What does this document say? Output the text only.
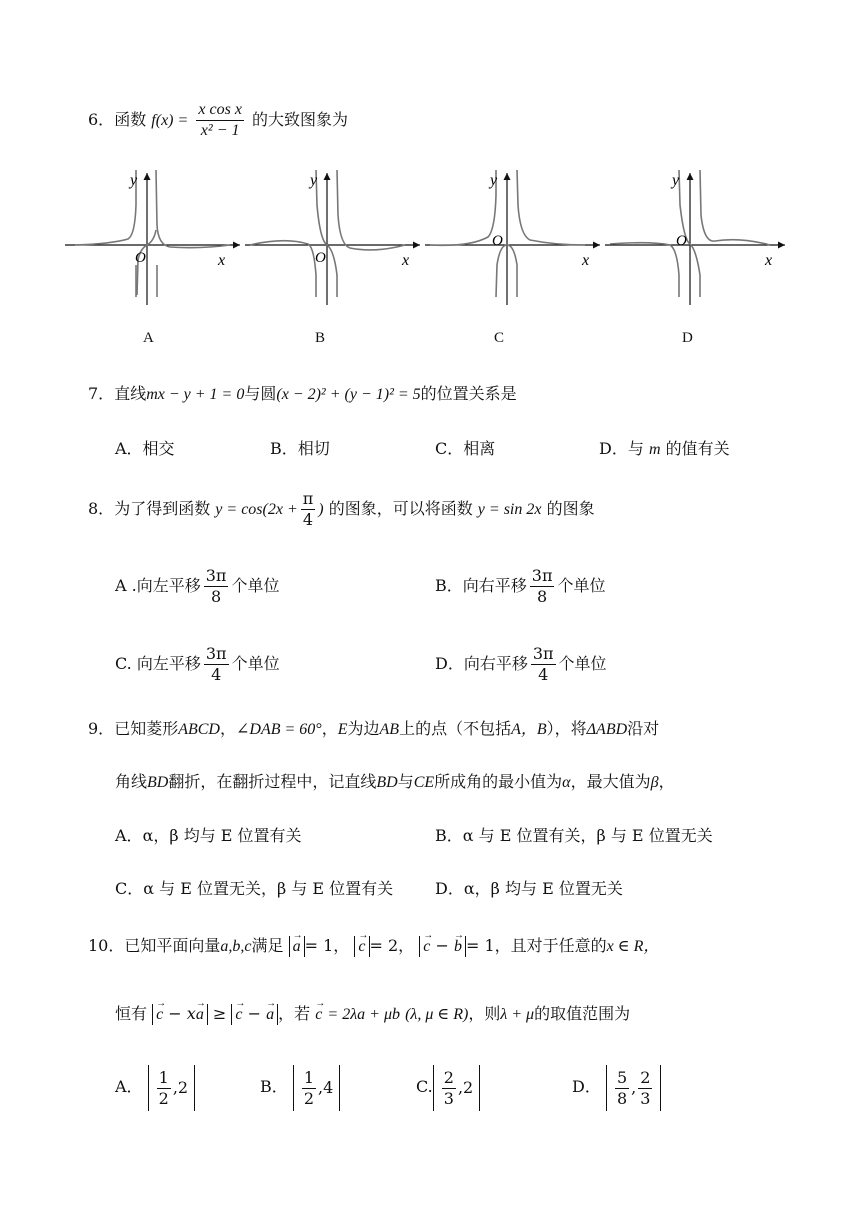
6．函数 $f(x) = \frac{\text{x cos x}}{\text{x² − 1}}$ 的大致图象为
y
O	x
y
O	x
y
O
x
y
O
x
A	B	C	D
7．直线mx − y + 1 = 0与圆(x − 2)² + (y − 1)² = 5的位置关系是
A．相交	B．相切	C．相离	D．与 m 的值有关
8．为了得到函数 $y = \cos(2x + \frac{\pi}{4}$ ) 的图象，可以将函数 y = sin 2x 的图象
A .向左平移 $\frac{3\pi}{8}$ 个单位	B．向右平移 $\frac{3\pi}{8}$ 个单位
C. 向左平移 $\frac{3\pi}{4}$ 个单位	D．向右平移 $\frac{3\pi}{4}$ 个单位
9．已知菱形ABCD，∠DAB = 60°，E为边AB上的点（不包括A，B），将ΔABD沿对
角线BD翻折，在翻折过程中，记直线BD与CE所成角的最小值为α，最大值为β，
A．α，β 均与 E 位置有关	B．α 与 E 位置有关，β 与 E 位置无关
C．α 与 E 位置无关，β 与 E 位置有关	D．α，β 均与 E 位置无关
10．已知平面向量a,b,c满足 → a = 1， → c = 2， → c − → b = 1，且对于任意的x ∈ R，
恒有 → c − x→ a ≥ → c − → a ，若 → c = 2λa + μb (λ, μ ∈ R)，则λ + μ的取值范围为
A． $\frac{1}{2} ,2$	B． $\frac{1}{2} ,4$	C. $\frac{2}{3} ,2$	D． $\frac{5}{8}$ , $\frac{2}{3}$
